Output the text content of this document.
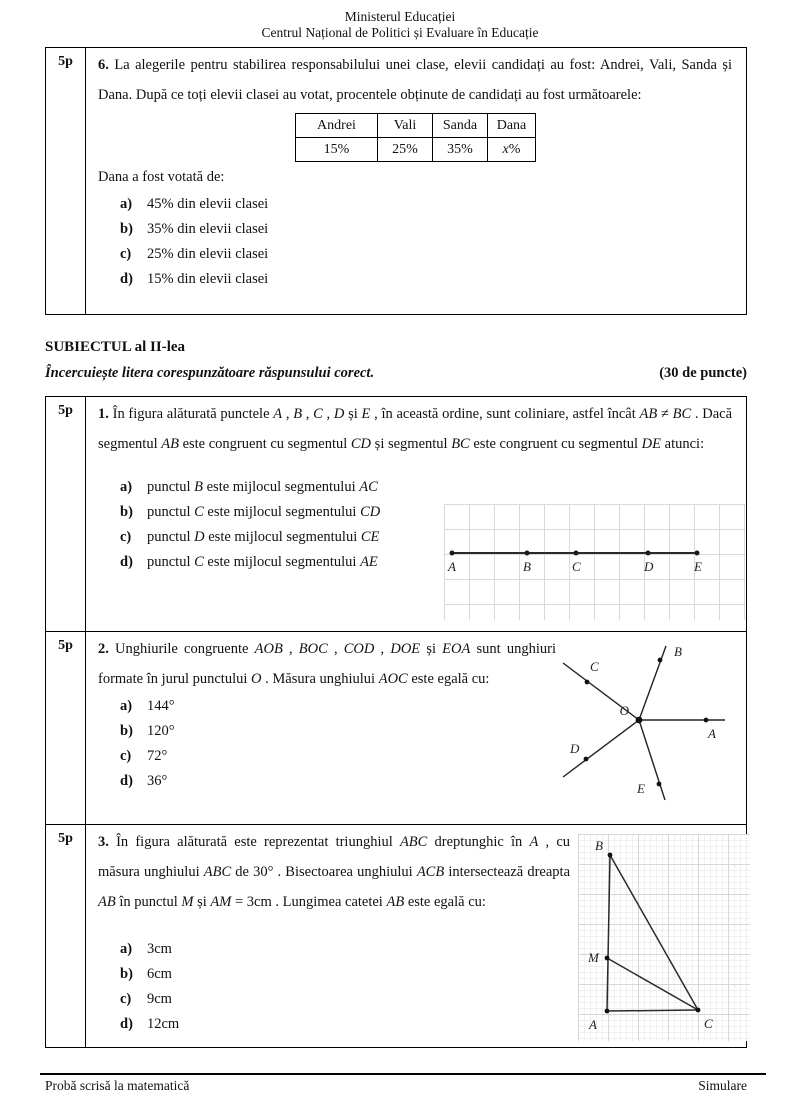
Ministerul Educației
Centrul Național de Politici și Evaluare în Educație
5p	6. La alegerile pentru stabilirea responsabilului unei clase, elevii candidați au fost: Andrei, Vali, Sanda și Dana. După ce toți elevii clasei au votat, procentele obținute de candidați au fost următoarele:
Andrei	Vali	Sanda	Dana
15%	25%	35%	x%
Dana a fost votată de:
a)	45% din elevii clasei
b) 35% din elevii clasei
c)	25% din elevii clasei
d) 15% din elevii clasei
SUBIECTUL al II-lea
Încercuiește litera corespunzătoare răspunsului corect.	(30 de puncte)
5p	1. În figura alăturată punctele A , B , C , D și E , în această ordine, sunt coliniare, astfel încât AB ≠ BC . Dacă segmentul AB este congruent cu segmentul CD și segmentul BC este congruent cu segmentul DE atunci:
a)	punctul B este mijlocul segmentului AC
b) punctul C este mijlocul segmentului CD
c)	punctul D este mijlocul segmentului CE
d) punctul C este mijlocul segmentului AE	A	B	C	D	E
5p	2. Unghiurile congruente AOB , BOC , COD , DOE și EOA sunt unghiuri formate în jurul punctului O . Măsura unghiului AOC este egală cu:
a)	144°
b) 120°
c)	72°
d) 36°
O
A
B
C
D
E
5p	3. În figura alăturată este reprezentat triunghiul ABC dreptunghic în A , cu măsura unghiului ABC de 30° . Bisectoarea unghiului ACB intersectează dreapta AB în punctul M și AM = 3cm . Lungimea catetei AB este egală cu:
a)	3cm
b) 6cm
c)	9cm
d) 12cm
B
M
A	C
Probă scrisă la matematică	Simulare
